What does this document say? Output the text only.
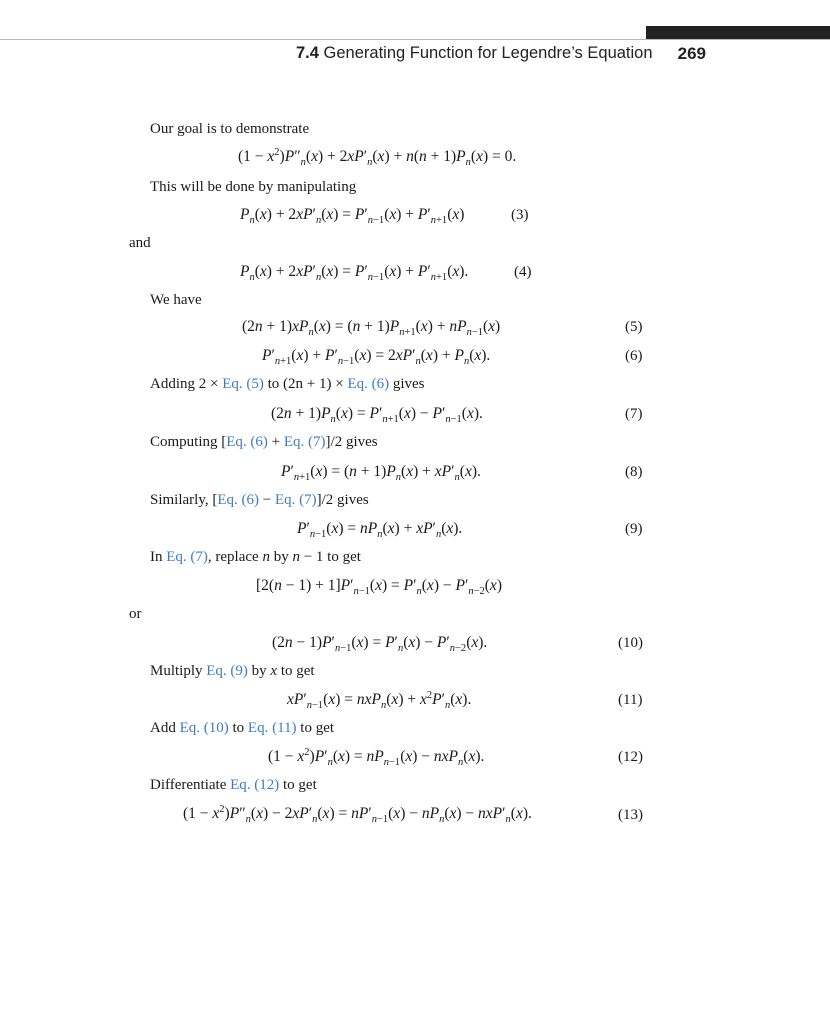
7.4 Generating Function for Legendre’s Equation 269
Our goal is to demonstrate
$(1 - x^2)P''_n(x) + 2xP'_n(x) + n(n + 1)P_n(x) = 0$.
This will be done by manipulating
$P_n(x) + 2xP'_n(x) = P'_{n-1}(x) + P'_{n+1}(x)$	(3)
and
$P_n(x) + 2xP'_n(x) = P'_{n-1}(x) + P'_{n+1}(x)$.	(4)
We have
$(2n + 1)xP_n(x) = (n + 1)P_{n+1}(x) + nP_{n-1}(x)$	(5)
$P'_{n+1}(x) + P'_{n-1}(x) = 2xP'_n(x) + P_n(x)$.	(6)
Adding 2 × Eq. (5) to (2n + 1) × Eq. (6) gives
$(2n + 1)P_n(x) = P'_{n+1}(x) - P'_{n-1}(x)$.	(7)
Computing [Eq. (6) + Eq. (7)]/2 gives
$P'_{n+1}(x) = (n + 1)P_n(x) + xP'_n(x)$.	(8)
Similarly, [Eq. (6) − Eq. (7)]/2 gives
$P'_{n-1}(x) = nP_n(x) + xP'_n(x)$.	(9)
In Eq. (7), replace n by n − 1 to get
$[2(n - 1) + 1]P'_{n-1}(x) = P'_n(x) - P'_{n-2}(x)$
or
$(2n - 1)P'_{n-1}(x) = P'_n(x) - P'_{n-2}(x)$.	(10)
Multiply Eq. (9) by x to get
$xP'_{n-1}(x) = nxP_n(x) + x^2P'_n(x)$.	(11)
Add Eq. (10) to Eq. (11) to get
$(1 - x^2)P'_n(x) = nP_{n-1}(x) - nxP_n(x)$.	(12)
Differentiate Eq. (12) to get
$(1 - x^2)P''_n(x) - 2xP'_n(x) = nP'_{n-1}(x) - nP_n(x) - nxP'_n(x)$.	(13)
